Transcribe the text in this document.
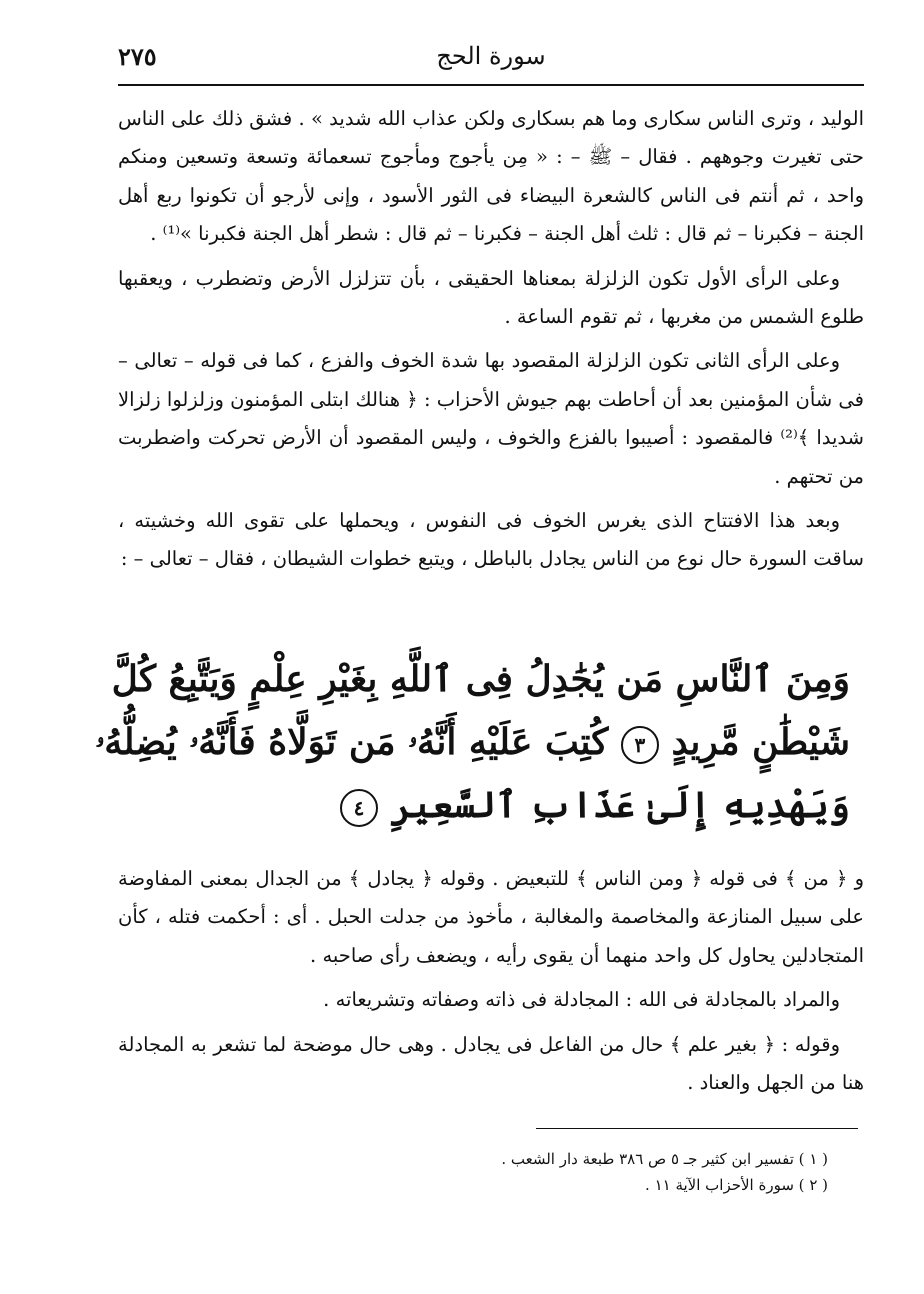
٢٧٥	سورة الحج

الوليد ، وترى الناس سكارى وما هم بسكارى ولكن عذاب الله شديد » . فشق ذلك على الناس حتى تغيرت وجوههم . فقال – ﷺ – : « مِن يأجوج ومأجوج تسعمائة وتسعة وتسعين ومنكم واحد ، ثم أنتم فى الناس كالشعرة البيضاء فى الثور الأسود ، وإنى لأرجو أن تكونوا ربع أهل الجنة – فكبرنا – ثم قال : ثلث أهل الجنة – فكبرنا – ثم قال : شطر أهل الجنة فكبرنا »⁽¹⁾ .

وعلى الرأى الأول تكون الزلزلة بمعناها الحقيقى ، بأن تتزلزل الأرض وتضطرب ، ويعقبها طلوع الشمس من مغربها ، ثم تقوم الساعة .

وعلى الرأى الثانى تكون الزلزلة المقصود بها شدة الخوف والفزع ، كما فى قوله – تعالى – فى شأن المؤمنين بعد أن أحاطت بهم جيوش الأحزاب : ﴿ هنالك ابتلى المؤمنون وزلزلوا زلزالا شديدا ﴾⁽²⁾ فالمقصود : أصيبوا بالفزع والخوف ، وليس المقصود أن الأرض تحركت واضطربت من تحتهم .

وبعد هذا الافتتاح الذى يغرس الخوف فى النفوس ، ويحملها على تقوى الله وخشيته ، ساقت السورة حال نوع من الناس يجادل بالباطل ، ويتبع خطوات الشيطان ، فقال – تعالى – :

وَمِنَ ٱلنَّاسِ مَن يُجَٰدِلُ فِى ٱللَّهِ بِغَيْرِ عِلْمٍ وَيَتَّبِعُ كُلَّ

شَيْطَٰنٍ مَّرِيدٍ ٣ كُتِبَ عَلَيْهِ أَنَّهُۥ مَن تَوَلَّاهُ فَأَنَّهُۥ يُضِلُّهُۥ

وَيَهْدِيهِ إِلَىٰ عَذَابِ ٱلسَّعِيرِ ٤

و ﴿ من ﴾ فى قوله ﴿ ومن الناس ﴾ للتبعيض . وقوله ﴿ يجادل ﴾ من الجدال بمعنى المفاوضة على سبيل المنازعة والمخاصمة والمغالبة ، مأخوذ من جدلت الحبل . أى : أحكمت فتله ، كأن المتجادلين يحاول كل واحد منهما أن يقوى رأيه ، ويضعف رأى صاحبه .

والمراد بالمجادلة فى الله : المجادلة فى ذاته وصفاته وتشريعاته .

وقوله : ﴿ بغير علم ﴾ حال من الفاعل فى يجادل . وهى حال موضحة لما تشعر به المجادلة هنا من الجهل والعناد .

( ١ ) تفسير ابن كثير جـ ٥ ص ٣٨٦ طبعة دار الشعب .

( ٢ ) سورة الأحزاب الآية ١١ .
